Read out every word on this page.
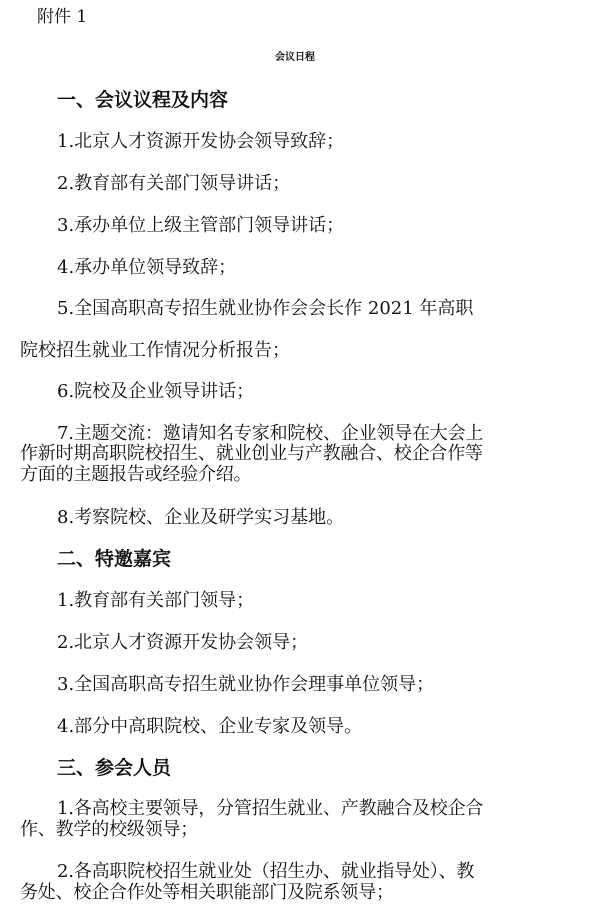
附件 1
会议日程
一、会议议程及内容
1.北京人才资源开发协会领导致辞；
2.教育部有关部门领导讲话；
3.承办单位上级主管部门领导讲话；
4.承办单位领导致辞；
5.全国高职高专招生就业协作会会长作 2021 年高职
院校招生就业工作情况分析报告；
6.院校及企业领导讲话；
7.主题交流：邀请知名专家和院校、企业领导在大会上
作新时期高职院校招生、就业创业与产教融合、校企合作等
方面的主题报告或经验介绍。
8.考察院校、企业及研学实习基地。
二、特邀嘉宾
1.教育部有关部门领导；
2.北京人才资源开发协会领导；
3.全国高职高专招生就业协作会理事单位领导；
4.部分中高职院校、企业专家及领导。
三、参会人员
1.各高校主要领导，分管招生就业、产教融合及校企合
作、教学的校级领导；
2.各高职院校招生就业处（招生办、就业指导处）、教
务处、校企合作处等相关职能部门及院系领导；
